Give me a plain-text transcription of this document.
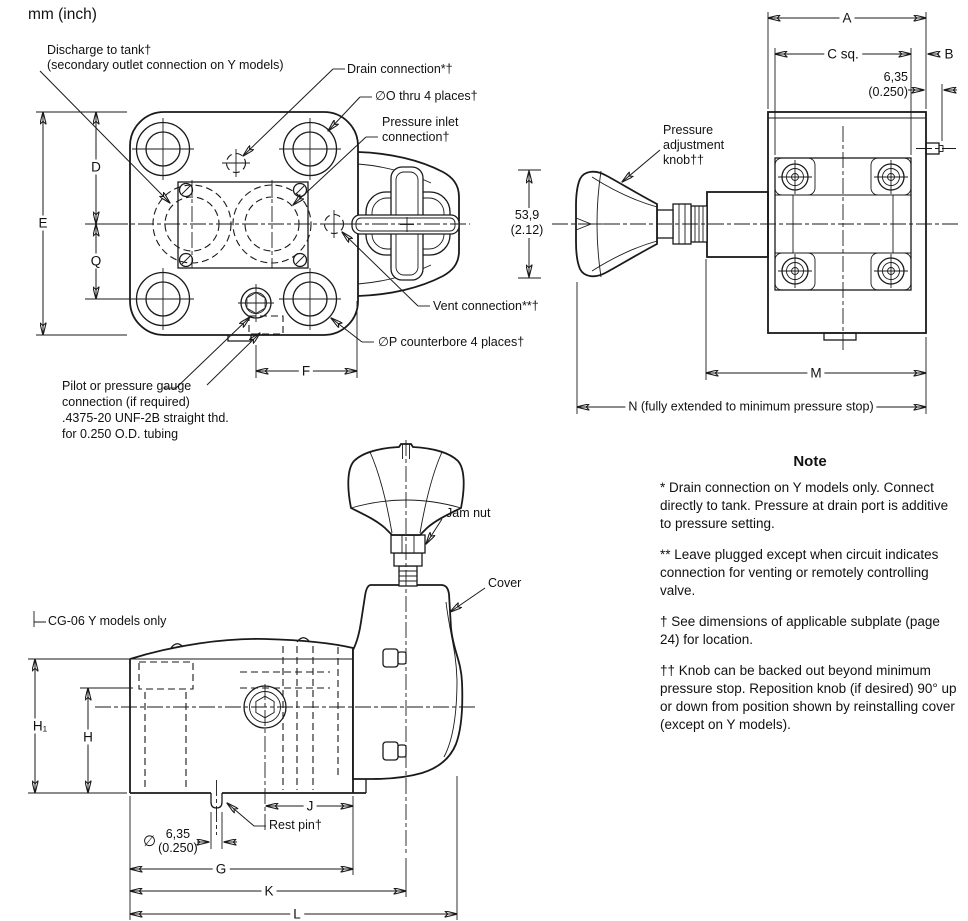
mm (inch)
Discharge to tank†
(secondary outlet connection on Y models)	Drain connection*†
∅O thru 4 places†
Pressure inlet
connection†
Vent connection**†
∅P counterbore 4 places†
Pilot or pressure gauge
connection (if required)
.4375-20 UNF-2B straight thd.
for 0.250 O.D. tubing
D
E
Q
F
Pressure
adjustment
knob††
A
C sq.	B
6,35
(0.250)
53,9
(2.12)
M
N (fully extended to minimum pressure stop)
CG-06 Y models only
Jam nut
Cover
Rest pin†
H₁
H
J
∅ 6,35
(0.250)
G
K
L
Note

* Drain connection on Y models only. Connect directly to tank. Pressure at drain port is additive to pressure setting.

** Leave plugged except when circuit indicates connection for venting or remotely controlling valve.

† See dimensions of applicable subplate (page 24) for location.

†† Knob can be backed out beyond minimum pressure stop. Reposition knob (if desired) 90° up or down from position shown by reinstalling cover (except on Y models).
